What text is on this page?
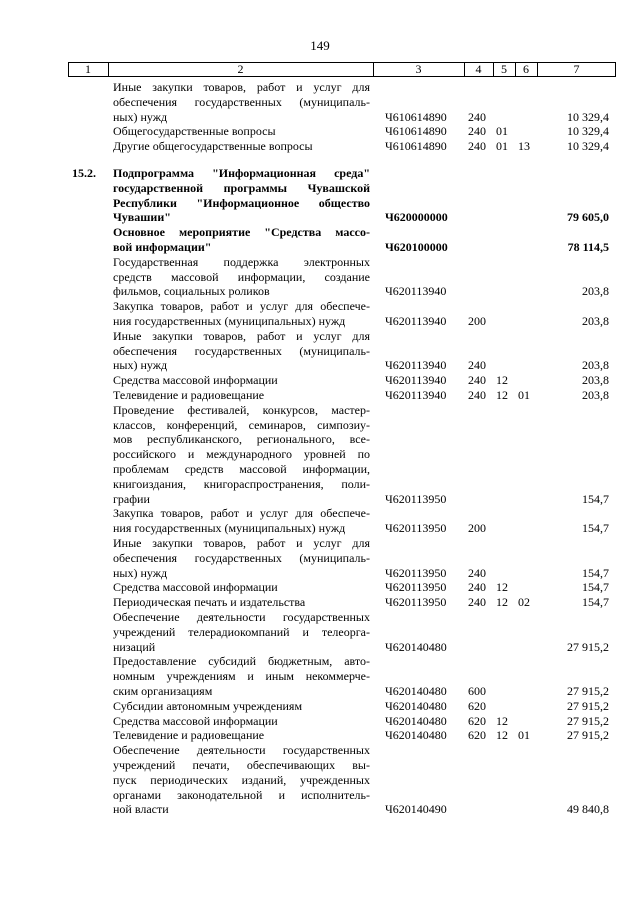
149
1	2	3	4	5	6	7
Иные закупки товаров, работ и услуг для
обеспечения государственных (муниципаль-
ных) нужд	Ч610614890 240	10 329,4
Общегосударственные вопросы	Ч610614890 240 01	10 329,4
Другие общегосударственные вопросы	Ч610614890 240 01 13	10 329,4
15.2. Подпрограмма "Информационная среда"
государственной программы Чувашской
Республики "Информационное общество
Чувашии"	Ч620000000	79 605,0
Основное мероприятие "Средства массо-
вой информации"	Ч620100000	78 114,5
Государственная поддержка электронных
средств массовой информации, создание
фильмов, социальных роликов	Ч620113940	203,8
Закупка товаров, работ и услуг для обеспече-
ния государственных (муниципальных) нужд	Ч620113940 200	203,8
Иные закупки товаров, работ и услуг для
обеспечения государственных (муниципаль-
ных) нужд	Ч620113940 240	203,8
Средства массовой информации	Ч620113940 240 12	203,8
Телевидение и радиовещание	Ч620113940 240 12 01	203,8
Проведение фестивалей, конкурсов, мастер-
классов, конференций, семинаров, симпозиу-
мов республиканского, регионального, все-
российского и международного уровней по
проблемам средств массовой информации,
книгоиздания, книгораспространения, поли-
графии	Ч620113950	154,7
Закупка товаров, работ и услуг для обеспече-
ния государственных (муниципальных) нужд	Ч620113950 200	154,7
Иные закупки товаров, работ и услуг для
обеспечения государственных (муниципаль-
ных) нужд	Ч620113950 240	154,7
Средства массовой информации	Ч620113950 240 12	154,7
Периодическая печать и издательства	Ч620113950 240 12 02	154,7
Обеспечение деятельности государственных
учреждений телерадиокомпаний и телеорга-
низаций	Ч620140480	27 915,2
Предоставление субсидий бюджетным, авто-
номным учреждениям и иным некоммерче-
ским организациям	Ч620140480 600	27 915,2
Субсидии автономным учреждениям	Ч620140480 620	27 915,2
Средства массовой информации	Ч620140480 620 12	27 915,2
Телевидение и радиовещание	Ч620140480 620 12 01	27 915,2
Обеспечение деятельности государственных
учреждений печати, обеспечивающих вы-
пуск периодических изданий, учрежденных
органами законодательной и исполнитель-
ной власти	Ч620140490	49 840,8
